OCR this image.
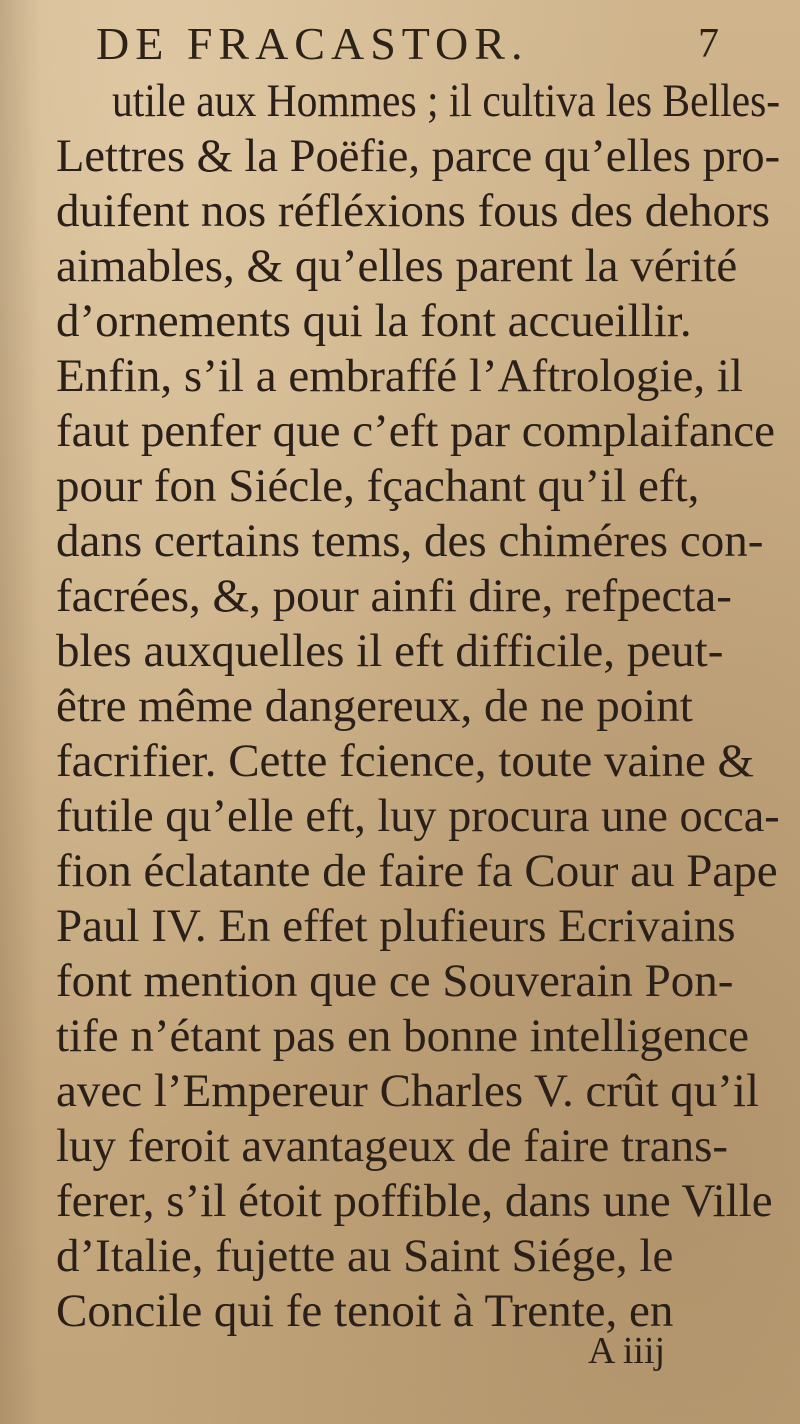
DE FRACASTOR.	7
utile aux Hommes ; il cultiva les Belles-
Lettres & la Poëfie, parce qu’elles pro-
duifent nos réfléxions fous des dehors
aimables, & qu’elles parent la vérité
d’ornements qui la font accueillir.
Enfin, s’il a embraffé l’Aftrologie, il
faut penfer que c’eft par complaifance
pour fon Siécle, fçachant qu’il eft,
dans certains tems, des chiméres con-
facrées, &, pour ainfi dire, refpecta-
bles auxquelles il eft difficile, peut-
être même dangereux, de ne point
facrifier. Cette fcience, toute vaine &
futile qu’elle eft, luy procura une occa-
fion éclatante de faire fa Cour au Pape
Paul IV. En effet plufieurs Ecrivains
font mention que ce Souverain Pon-
tife n’étant pas en bonne intelligence
avec l’Empereur Charles V. crût qu’il
luy feroit avantageux de faire trans-
ferer, s’il étoit poffible, dans une Ville
d’Italie, fujette au Saint Siége, le
Concile qui fe tenoit à Trente, en
A iiij
